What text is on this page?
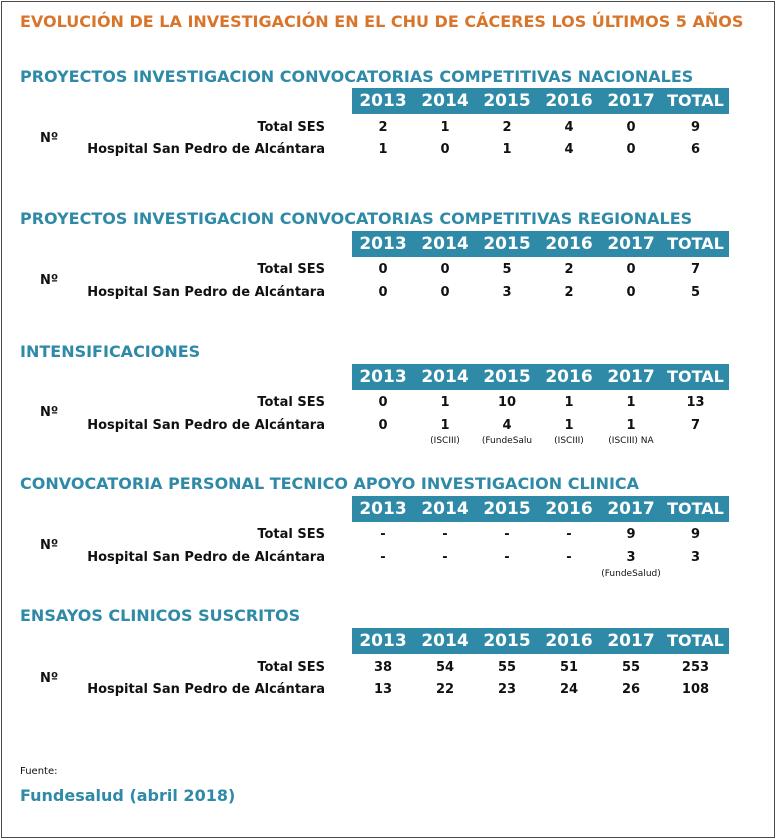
EVOLUCIÓN DE LA INVESTIGACIÓN EN EL CHU DE CÁCERES LOS ÚLTIMOS 5 AÑOS
PROYECTOS INVESTIGACION CONVOCATORIAS COMPETITIVAS NACIONALES
2013 2014 2015 2016 2017 TOTAL
Nº
Total SES	2	1	2	4	0	9
Hospital San Pedro de Alcántara	1	0	1	4	0	6
PROYECTOS INVESTIGACION CONVOCATORIAS COMPETITIVAS REGIONALES
2013 2014 2015 2016 2017 TOTAL
Nº
Total SES	0	0	5	2	0	7
Hospital San Pedro de Alcántara	0	0	3	2	0	5
INTENSIFICACIONES
2013 2014 2015 2016 2017 TOTAL
Nº
Total SES	0	1	10	1	1	13
Hospital San Pedro de Alcántara	0	1	4	1	1	7
(ISCIII)	(FundeSalu	(ISCIII)	(ISCIII) NA
CONVOCATORIA PERSONAL TECNICO APOYO INVESTIGACION CLINICA
2013 2014 2015 2016 2017 TOTAL
Nº
Total SES	-	-	-	-	9	9
Hospital San Pedro de Alcántara	-	-	-	-	3	3
(FundeSalud)
ENSAYOS CLINICOS SUSCRITOS
2013 2014 2015 2016 2017 TOTAL
Nº
Total SES	38	54	55	51	55	253
Hospital San Pedro de Alcántara	13	22	23	24	26	108
Fuente:
Fundesalud (abril 2018)
